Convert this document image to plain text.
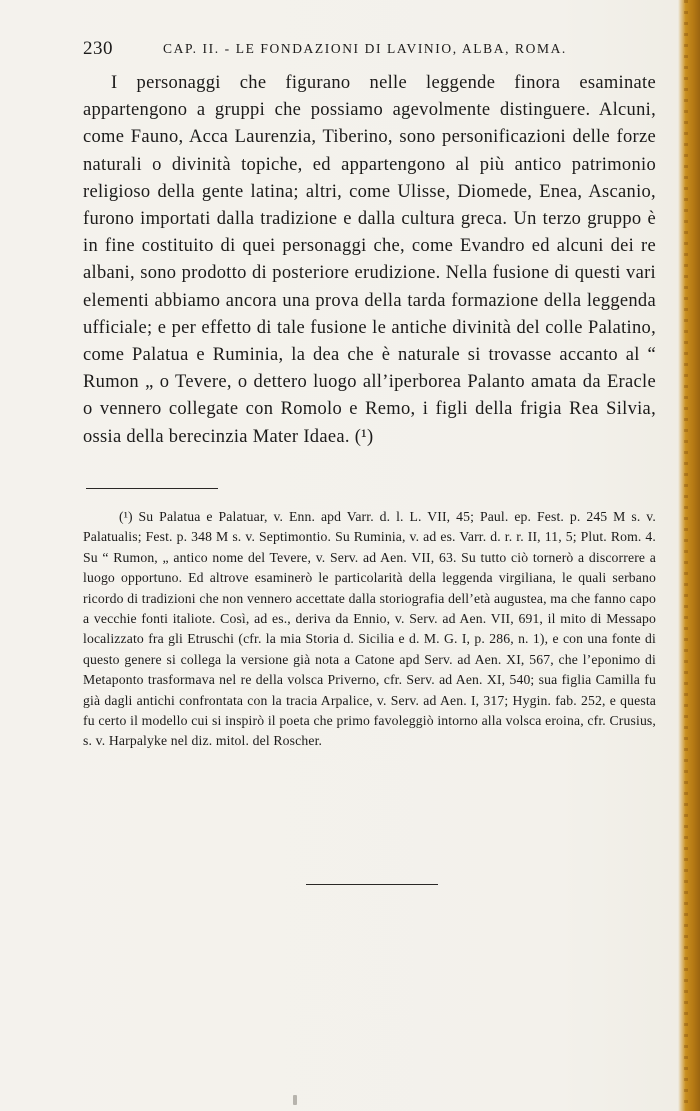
230	CAP. II. - LE FONDAZIONI DI LAVINIO, ALBA, ROMA.

I personaggi che figurano nelle leggende finora esaminate appartengono a gruppi che possiamo agevolmente distinguere. Alcuni, come Fauno, Acca Laurenzia, Tiberino, sono personificazioni delle forze naturali o divinità topiche, ed appartengono al più antico patrimonio religioso della gente latina; altri, come Ulisse, Diomede, Enea, Ascanio, furono importati dalla tradizione e dalla cultura greca. Un terzo gruppo è in fine costituito di quei personaggi che, come Evandro ed alcuni dei re albani, sono prodotto di posteriore erudizione. Nella fusione di questi vari elementi abbiamo ancora una prova della tarda formazione della leggenda ufficiale; e per effetto di tale fusione le antiche divinità del colle Palatino, come Palatua e Ruminia, la dea che è naturale si trovasse accanto al “ Rumon „ o Tevere, o dettero luogo all’iperborea Palanto amata da Eracle o vennero collegate con Romolo e Remo, i figli della frigia Rea Silvia, ossia della berecinzia Mater Idaea. (¹)

(¹) Su Palatua e Palatuar, v. Enn. apd Varr. d. l. L. VII, 45; Paul. ep. Fest. p. 245 M s. v. Palatualis; Fest. p. 348 M s. v. Septimontio. Su Ruminia, v. ad es. Varr. d. r. r. II, 11, 5; Plut. Rom. 4. Su “ Rumon, „ antico nome del Tevere, v. Serv. ad Aen. VII, 63. Su tutto ciò tornerò a discorrere a luogo opportuno. Ed altrove esaminerò le particolarità della leggenda virgiliana, le quali serbano ricordo di tradizioni che non vennero accettate dalla storiografia dell’età augustea, ma che fanno capo a vecchie fonti italiote. Così, ad es., deriva da Ennio, v. Serv. ad Aen. VII, 691, il mito di Messapo localizzato fra gli Etruschi (cfr. la mia Storia d. Sicilia e d. M. G. I, p. 286, n. 1), e con una fonte di questo genere si collega la versione già nota a Catone apd Serv. ad Aen. XI, 567, che l’eponimo di Metaponto trasformava nel re della volsca Priverno, cfr. Serv. ad Aen. XI, 540; sua figlia Camilla fu già dagli antichi confrontata con la tracia Arpalice, v. Serv. ad Aen. I, 317; Hygin. fab. 252, e questa fu certo il modello cui si inspirò il poeta che primo favoleggiò intorno alla volsca eroina, cfr. Crusius, s. v. Harpalyke nel diz. mitol. del Roscher.
